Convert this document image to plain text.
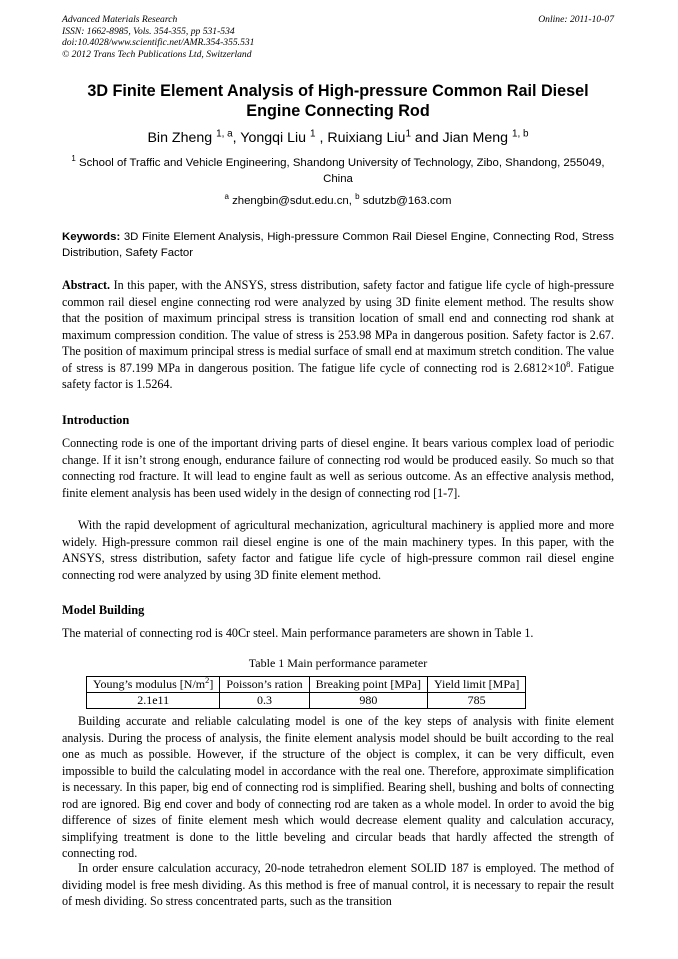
Advanced Materials Research
ISSN: 1662-8985, Vols. 354-355, pp 531-534
doi:10.4028/www.scientific.net/AMR.354-355.531
© 2012 Trans Tech Publications Ltd, Switzerland
Online: 2011-10-07
3D Finite Element Analysis of High-pressure Common Rail Diesel Engine Connecting Rod
Bin Zheng $^{1, a}$, Yongqi Liu $^1$ , Ruixiang Liu$^1$ and Jian Meng $^{1, b}$
$^1$ School of Traffic and Vehicle Engineering, Shandong University of Technology, Zibo, Shandong, 255049, China
$^a$ zhengbin@sdut.edu.cn, $^b$ sdutzb@163.com
Keywords: 3D Finite Element Analysis, High-pressure Common Rail Diesel Engine, Connecting Rod, Stress Distribution, Safety Factor
Abstract. In this paper, with the ANSYS, stress distribution, safety factor and fatigue life cycle of high-pressure common rail diesel engine connecting rod were analyzed by using 3D finite element method. The results show that the position of maximum principal stress is transition location of small end and connecting rod shank at maximum compression condition. The value of stress is 253.98 MPa in dangerous position. Safety factor is 2.67. The position of maximum principal stress is medial surface of small end at maximum stretch condition. The value of stress is 87.199 MPa in dangerous position. The fatigue life cycle of connecting rod is $2.6812\times 10^8$. Fatigue safety factor is 1.5264.
Introduction
Connecting rode is one of the important driving parts of diesel engine. It bears various complex load of periodic change. If it isn’t strong enough, endurance failure of connecting rod would be produced easily. So much so that connecting rod fracture. It will lead to engine fault as well as serious outcome. As an effective analysis method, finite element analysis has been used widely in the design of connecting rod [1-7].
With the rapid development of agricultural mechanization, agricultural machinery is applied more and more widely. High-pressure common rail diesel engine is one of the main machinery types. In this paper, with the ANSYS, stress distribution, safety factor and fatigue life cycle of high-pressure common rail diesel engine connecting rod were analyzed by using 3D finite element method.
Model Building
The material of connecting rod is 40Cr steel. Main performance parameters are shown in Table 1.
Table 1 Main performance parameter
Young’s modulus $[N/m^2]$	Poisson’s ration	Breaking point [MPa]	Yield limit [MPa]
2.1e11	0.3	980	785
Building accurate and reliable calculating model is one of the key steps of analysis with finite element analysis. During the process of analysis, the finite element analysis model should be built according to the real one as much as possible. However, if the structure of the object is complex, it can be very difficult, even impossible to build the calculating model in accordance with the real one. Therefore, approximate simplification is necessary. In this paper, big end of connecting rod is simplified. Bearing shell, bushing and bolts of connecting rod are ignored. Big end cover and body of connecting rod are taken as a whole model. In order to avoid the big difference of sizes of finite element mesh which would decrease element quality and calculation accuracy, simplifying treatment is done to the little beveling and circular beads that hardly affected the strength of connecting rod.
In order ensure calculation accuracy, 20-node tetrahedron element SOLID 187 is employed. The method of dividing model is free mesh dividing. As this method is free of manual control, it is necessary to repair the result of mesh dividing. So stress concentrated parts, such as the transition
